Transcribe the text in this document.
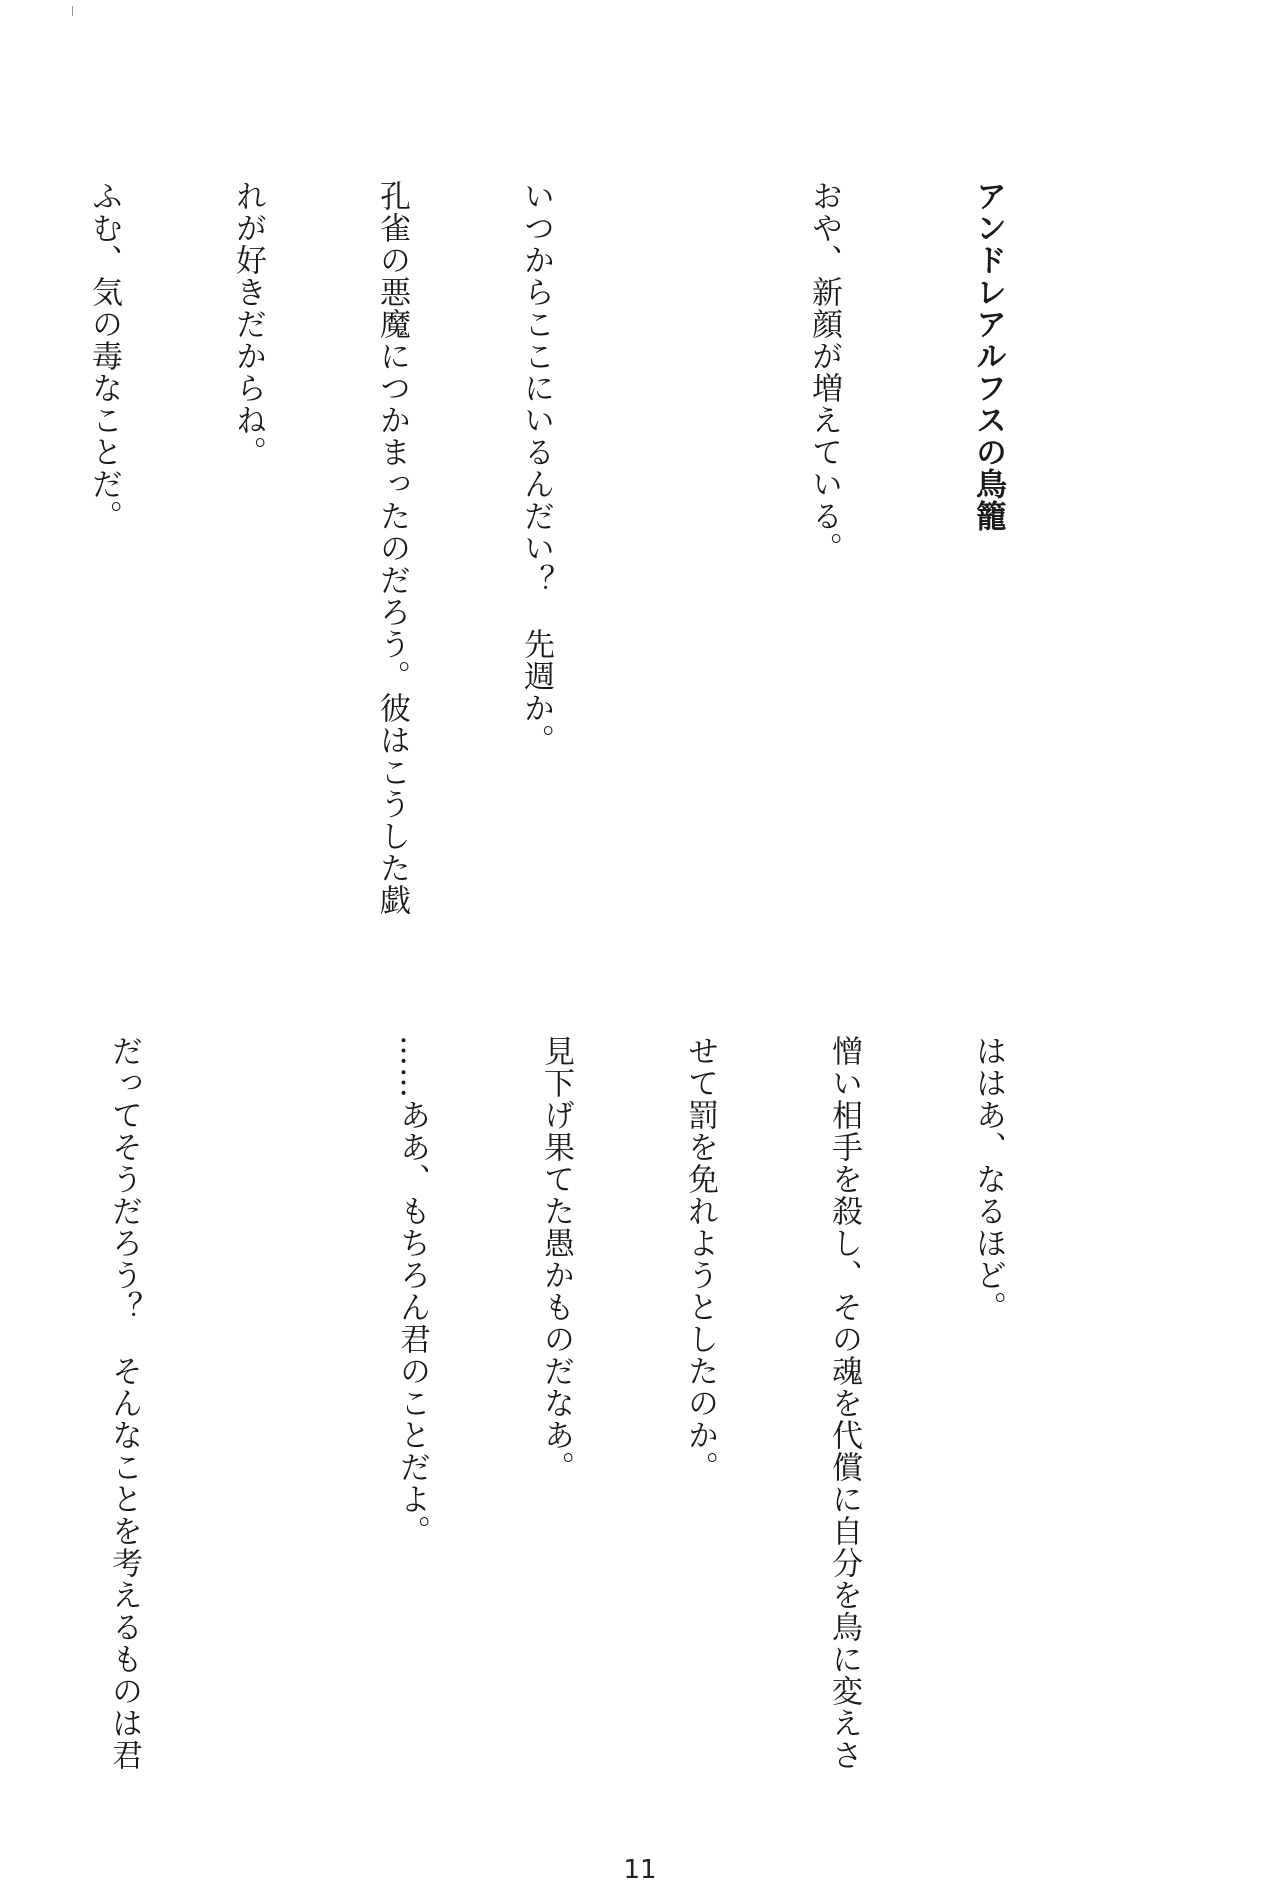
アンドレアルフスの鳥籠

おや、新顔が増えている。

いつからここにいるんだい？　先週か。

孔雀の悪魔につかまったのだろう。彼はこうした戯

れが好きだからね。

ふむ、気の毒なことだ。

ははあ、なるほど。

憎い相手を殺し、その魂を代償に自分を鳥に変えさ

せて罰を免れようとしたのか。

見下げ果てた愚かものだなあ。

……ああ、もちろん君のことだよ。

だってそうだろう？　そんなことを考えるものは君

11
